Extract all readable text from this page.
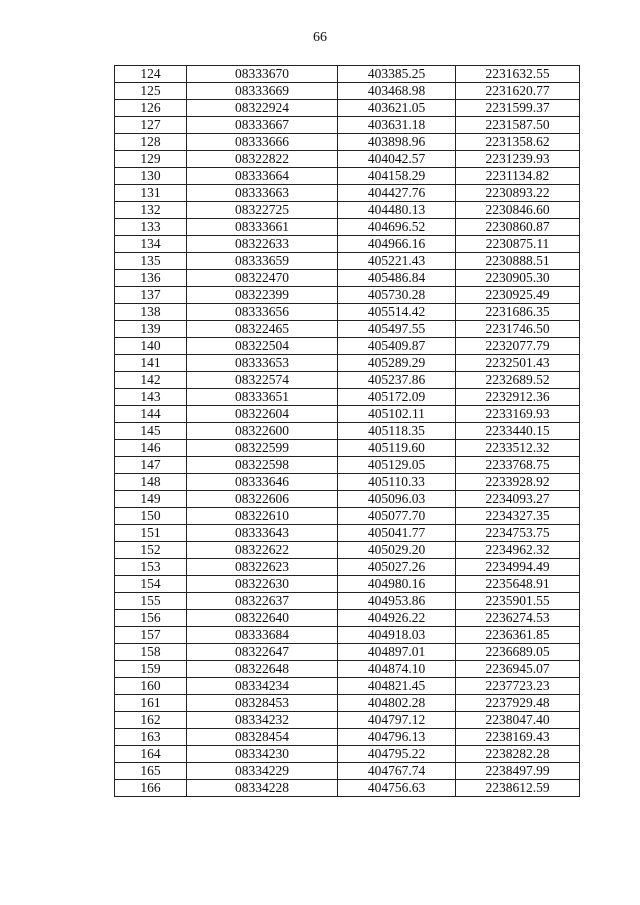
66
124	08333670	403385.25	2231632.55
125	08333669	403468.98	2231620.77
126	08322924	403621.05	2231599.37
127	08333667	403631.18	2231587.50
128	08333666	403898.96	2231358.62
129	08322822	404042.57	2231239.93
130	08333664	404158.29	2231134.82
131	08333663	404427.76	2230893.22
132	08322725	404480.13	2230846.60
133	08333661	404696.52	2230860.87
134	08322633	404966.16	2230875.11
135	08333659	405221.43	2230888.51
136	08322470	405486.84	2230905.30
137	08322399	405730.28	2230925.49
138	08333656	405514.42	2231686.35
139	08322465	405497.55	2231746.50
140	08322504	405409.87	2232077.79
141	08333653	405289.29	2232501.43
142	08322574	405237.86	2232689.52
143	08333651	405172.09	2232912.36
144	08322604	405102.11	2233169.93
145	08322600	405118.35	2233440.15
146	08322599	405119.60	2233512.32
147	08322598	405129.05	2233768.75
148	08333646	405110.33	2233928.92
149	08322606	405096.03	2234093.27
150	08322610	405077.70	2234327.35
151	08333643	405041.77	2234753.75
152	08322622	405029.20	2234962.32
153	08322623	405027.26	2234994.49
154	08322630	404980.16	2235648.91
155	08322637	404953.86	2235901.55
156	08322640	404926.22	2236274.53
157	08333684	404918.03	2236361.85
158	08322647	404897.01	2236689.05
159	08322648	404874.10	2236945.07
160	08334234	404821.45	2237723.23
161	08328453	404802.28	2237929.48
162	08334232	404797.12	2238047.40
163	08328454	404796.13	2238169.43
164	08334230	404795.22	2238282.28
165	08334229	404767.74	2238497.99
166	08334228	404756.63	2238612.59
